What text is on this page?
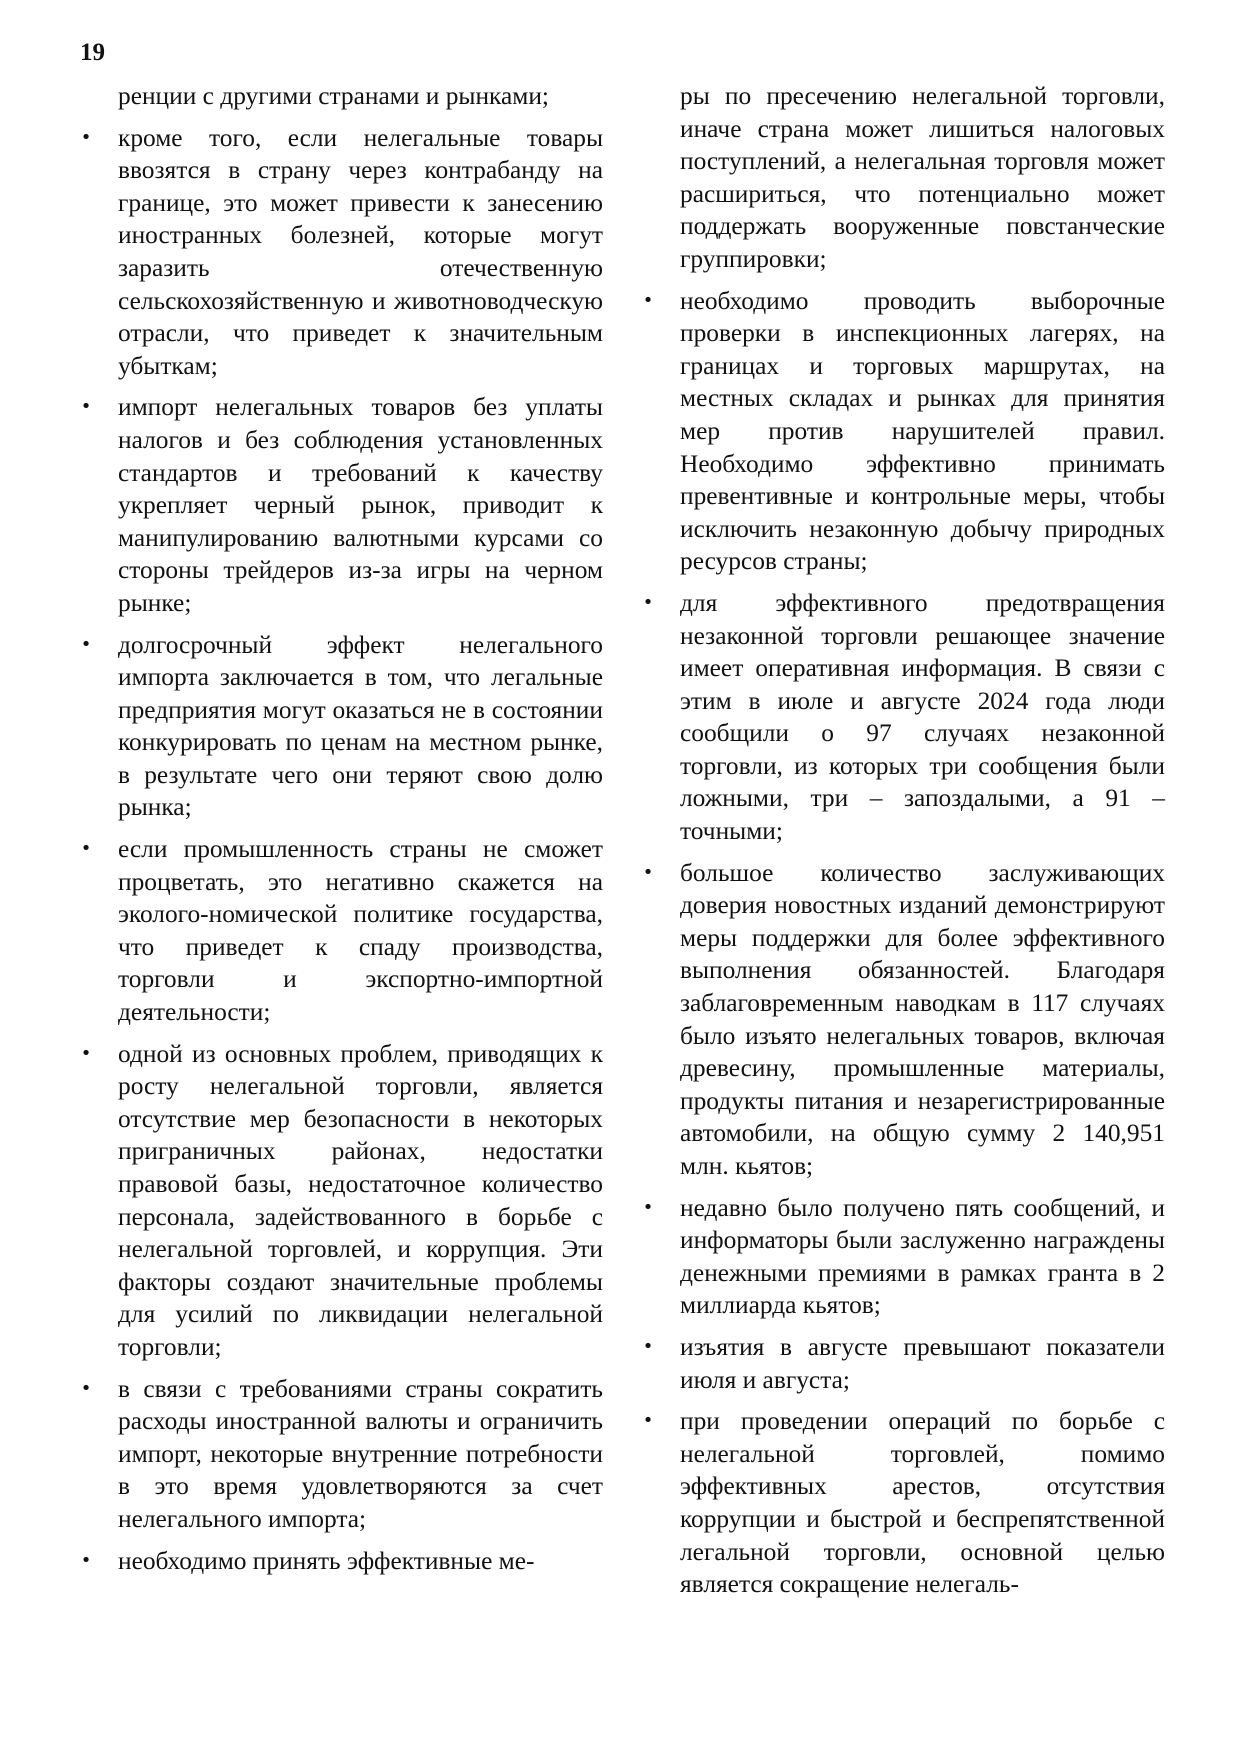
19

ренции с другими странами и рынками;

• кроме того, если нелегальные товары ввозятся в страну через контрабанду на границе, это может привести к занесению иностранных болезней, которые могут заразить отечественную сельскохозяйственную и животноводческую отрасли, что приведет к значительным убыткам;
• импорт нелегальных товаров без уплаты налогов и без соблюдения установленных стандартов и требований к качеству укрепляет черный рынок, приводит к манипулированию валютными курсами со стороны трейдеров из-за игры на черном рынке;
• долгосрочный эффект нелегального импорта заключается в том, что легальные предприятия могут оказаться не в состоянии конкурировать по ценам на местном рынке, в результате чего они теряют свою долю рынка;
• если промышленность страны не сможет процветать, это негативно скажется на эколого-номической политике государства, что приведет к спаду производства, торговли и экспортно-импортной деятельности;
• одной из основных проблем, приводящих к росту нелегальной торговли, является отсутствие мер безопасности в некоторых приграничных районах, недостатки правовой базы, недостаточное количество персонала, задействованного в борьбе с нелегальной торговлей, и коррупция. Эти факторы создают значительные проблемы для усилий по ликвидации нелегальной торговли;
• в связи с требованиями страны сократить расходы иностранной валюты и ограничить импорт, некоторые внутренние потребности в это время удовлетворяются за счет нелегального импорта;
• необходимо принять эффективные ме-

ры по пресечению нелегальной торговли, иначе страна может лишиться налоговых поступлений, а нелегальная торговля может расшириться, что потенциально может поддержать вооруженные повстанческие группировки;

• необходимо проводить выборочные проверки в инспекционных лагерях, на границах и торговых маршрутах, на местных складах и рынках для принятия мер против нарушителей правил. Необходимо эффективно принимать превентивные и контрольные меры, чтобы исключить незаконную добычу природных ресурсов страны;
• для эффективного предотвращения незаконной торговли решающее значение имеет оперативная информация. В связи с этим в июле и августе 2024 года люди сообщили о 97 случаях незаконной торговли, из которых три сообщения были ложными, три – запоздалыми, а 91 – точными;
• большое количество заслуживающих доверия новостных изданий демонстрируют меры поддержки для более эффективного выполнения обязанностей. Благодаря заблаговременным наводкам в 117 случаях было изъято нелегальных товаров, включая древесину, промышленные материалы, продукты питания и незарегистрированные автомобили, на общую сумму 2 140,951 млн. кьятов;
• недавно было получено пять сообщений, и информаторы были заслуженно награждены денежными премиями в рамках гранта в 2 миллиарда кьятов;
• изъятия в августе превышают показатели июля и августа;
• при проведении операций по борьбе с нелегальной торговлей, помимо эффективных арестов, отсутствия коррупции и быстрой и беспрепятственной легальной торговли, основной целью является сокращение нелегаль-
